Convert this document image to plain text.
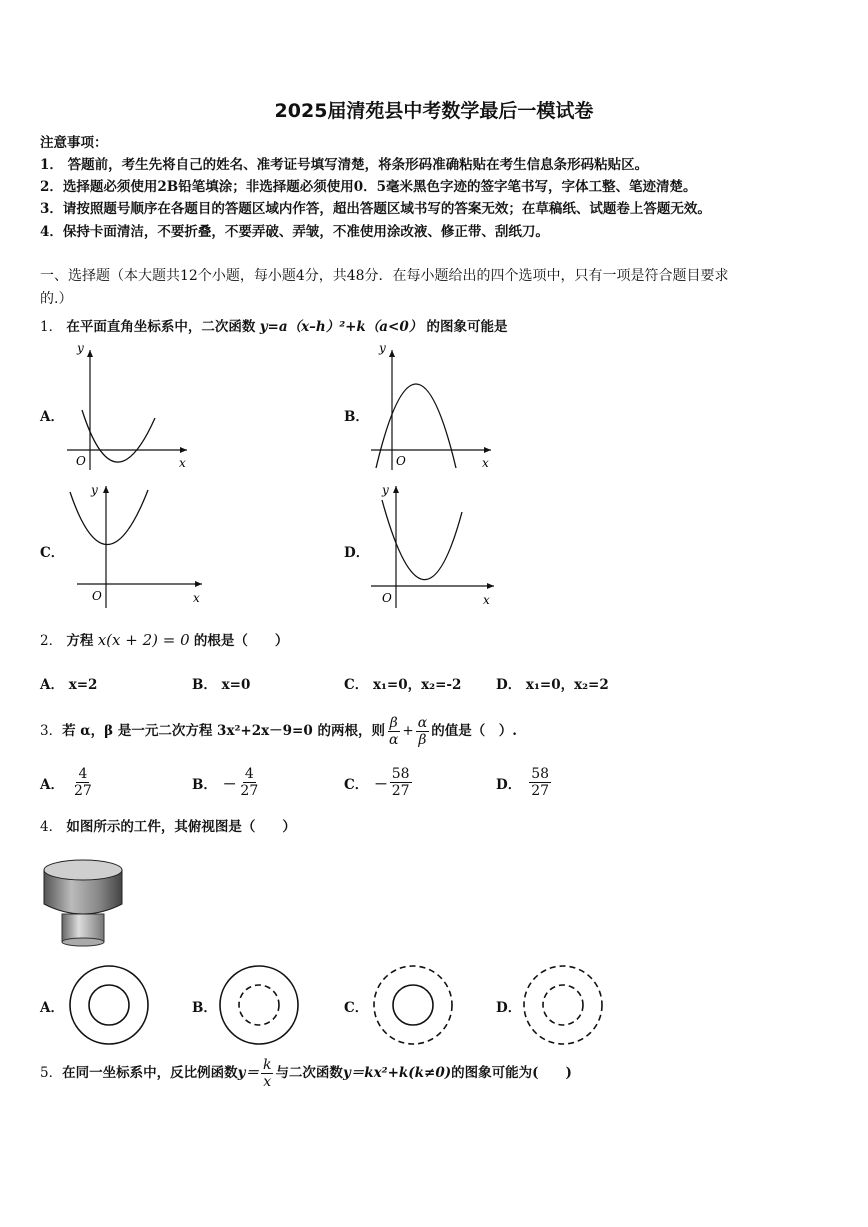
2025届清苑县中考数学最后一模试卷
注意事项：
1． 答题前，考生先将自己的姓名、准考证号填写清楚，将条形码准确粘贴在考生信息条形码粘贴区。
2．选择题必须使用2B铅笔填涂；非选择题必须使用0．5毫米黑色字迹的签字笔书写，字体工整、笔迹清楚。
3．请按照题号顺序在各题目的答题区域内作答，超出答题区域书写的答案无效；在草稿纸、试题卷上答题无效。
4．保持卡面清洁，不要折叠，不要弄破、弄皱，不准使用涂改液、修正带、刮纸刀。
一、选择题（本大题共12个小题，每小题4分，共48分．在每小题给出的四个选项中，只有一项是符合题目要求
的.）
1． 在平面直角坐标系中，二次函数 y=a（x–h）²+k（a<0） 的图象可能是
A．
y
x
O
B．
y
x
O
C．
y
x
O
D．
y
x
O
2． 方程 x(x + 2) = 0 的根是（　　）
A． x=2	B． x=0	C． x₁=0，x₂=-2	D． x₁=0，x₂=2
3． 若 α，β 是一元二次方程 3x²+2x－9=0 的两根，则 $\frac{\beta}{\alpha} + \frac{\alpha}{\beta}$ 的值是（　）.
A． $\frac{4}{27}$	B． － $\frac{4}{27}$	C． － $\frac{58}{27}$	D． $\frac{58}{27}$
4． 如图所示的工件，其俯视图是（　　）
A．	B．	C．	D．
5． 在同一坐标系中，反比例函数 $y= \frac{k}{x}$ 与二次函数 y＝kx²+k(k≠0) 的图象可能为(　　)
